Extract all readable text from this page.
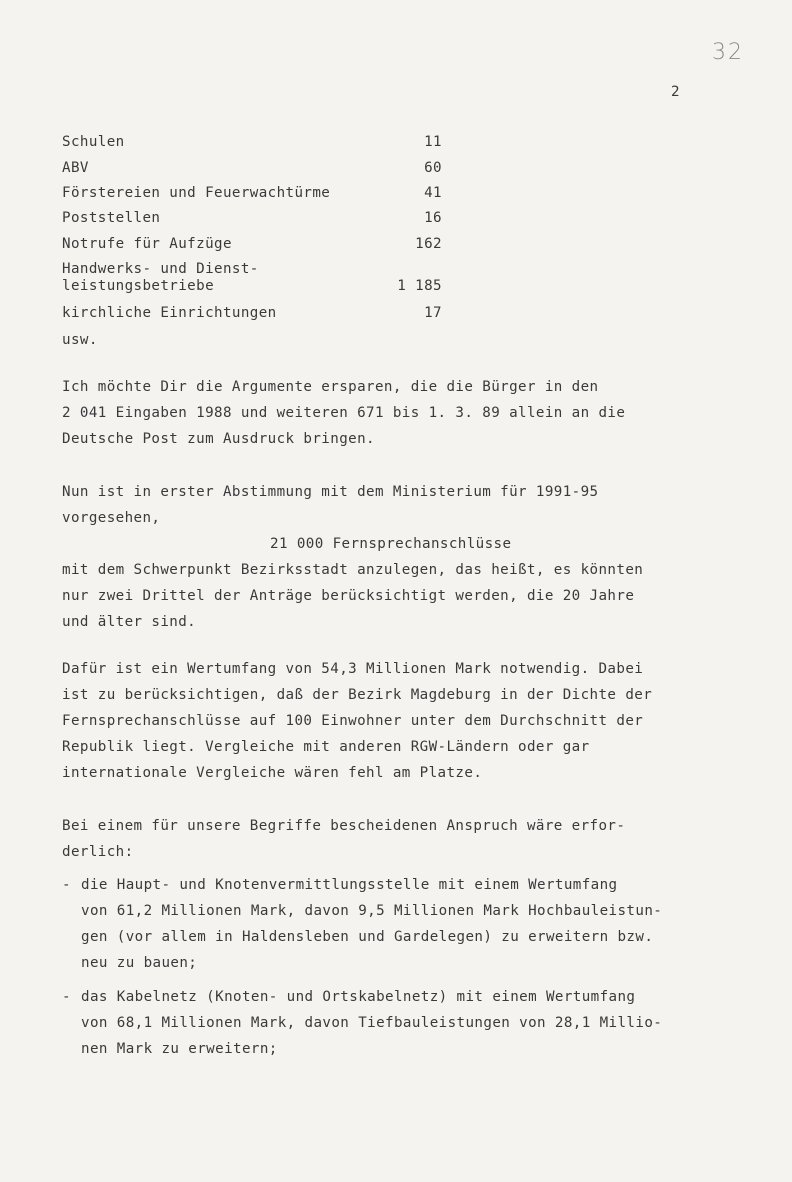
32
2
Schulen	11
ABV	60
Förstereien und Feuerwachtürme	41
Poststellen	16
Notrufe für Aufzüge	162
Handwerks- und Dienst-
leistungsbetriebe	1 185
kirchliche Einrichtungen	17
usw.
Ich möchte Dir die Argumente ersparen, die die Bürger in den
2 041 Eingaben 1988 und weiteren 671 bis 1. 3. 89 allein an die
Deutsche Post zum Ausdruck bringen.
Nun ist in erster Abstimmung mit dem Ministerium für 1991-95
vorgesehen,
21 000 Fernsprechanschlüsse
mit dem Schwerpunkt Bezirksstadt anzulegen, das heißt, es könnten
nur zwei Drittel der Anträge berücksichtigt werden, die 20 Jahre
und älter sind.
Dafür ist ein Wertumfang von 54,3 Millionen Mark notwendig. Dabei
ist zu berücksichtigen, daß der Bezirk Magdeburg in der Dichte der
Fernsprechanschlüsse auf 100 Einwohner unter dem Durchschnitt der
Republik liegt. Vergleiche mit anderen RGW-Ländern oder gar
internationale Vergleiche wären fehl am Platze.
Bei einem für unsere Begriffe bescheidenen Anspruch wäre erfor-
derlich:
- die Haupt- und Knotenvermittlungsstelle mit einem Wertumfang
von 61,2 Millionen Mark, davon 9,5 Millionen Mark Hochbauleistun-
gen (vor allem in Haldensleben und Gardelegen) zu erweitern bzw.
neu zu bauen;
- das Kabelnetz (Knoten- und Ortskabelnetz) mit einem Wertumfang
von 68,1 Millionen Mark, davon Tiefbauleistungen von 28,1 Millio-
nen Mark zu erweitern;
